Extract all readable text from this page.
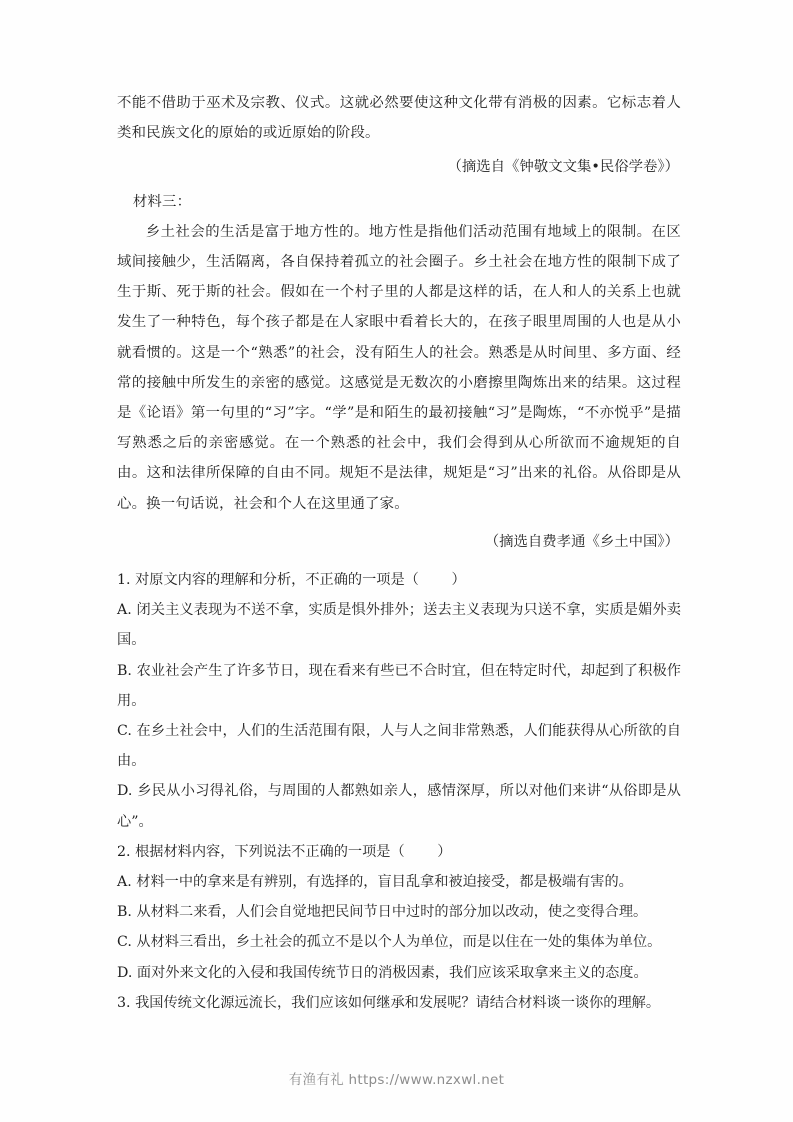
不能不借助于巫术及宗教、仪式。这就必然要使这种文化带有消极的因素。它标志着人类和民族文化的原始的或近原始的阶段。

（摘选自《钟敬文文集•民俗学卷》）

材料三：

乡土社会的生活是富于地方性的。地方性是指他们活动范围有地域上的限制。在区域间接触少，生活隔离，各自保持着孤立的社会圈子。乡土社会在地方性的限制下成了生于斯、死于斯的社会。假如在一个村子里的人都是这样的话，在人和人的关系上也就发生了一种特色，每个孩子都是在人家眼中看着长大的，在孩子眼里周围的人也是从小就看惯的。这是一个“熟悉”的社会，没有陌生人的社会。熟悉是从时间里、多方面、经常的接触中所发生的亲密的感觉。这感觉是无数次的小磨擦里陶炼出来的结果。这过程是《论语》第一句里的“习”字。“学”是和陌生的最初接触“习”是陶炼，“不亦悦乎”是描写熟悉之后的亲密感觉。在一个熟悉的社会中，我们会得到从心所欲而不逾规矩的自由。这和法律所保障的自由不同。规矩不是法律，规矩是“习”出来的礼俗。从俗即是从心。换一句话说，社会和个人在这里通了家。

（摘选自费孝通《乡土中国》）

1. 对原文内容的理解和分析，不正确的一项是（ ）

A. 闭关主义表现为不送不拿，实质是惧外排外；送去主义表现为只送不拿，实质是媚外卖国。

B. 农业社会产生了许多节日，现在看来有些已不合时宜，但在特定时代，却起到了积极作用。

C. 在乡土社会中，人们的生活范围有限，人与人之间非常熟悉，人们能获得从心所欲的自由。

D. 乡民从小习得礼俗，与周围的人都熟如亲人，感情深厚，所以对他们来讲“从俗即是从心”。

2. 根据材料内容，下列说法不正确的一项是（ ）

A. 材料一中的拿来是有辨别，有选择的，盲目乱拿和被迫接受，都是极端有害的。

B. 从材料二来看，人们会自觉地把民间节日中过时的部分加以改动，使之变得合理。

C. 从材料三看出，乡土社会的孤立不是以个人为单位，而是以住在一处的集体为单位。

D. 面对外来文化的入侵和我国传统节日的消极因素，我们应该采取拿来主义的态度。

3. 我国传统文化源远流长，我们应该如何继承和发展呢？请结合材料谈一谈你的理解。

有渔有礼 https://www.nzxwl.net
